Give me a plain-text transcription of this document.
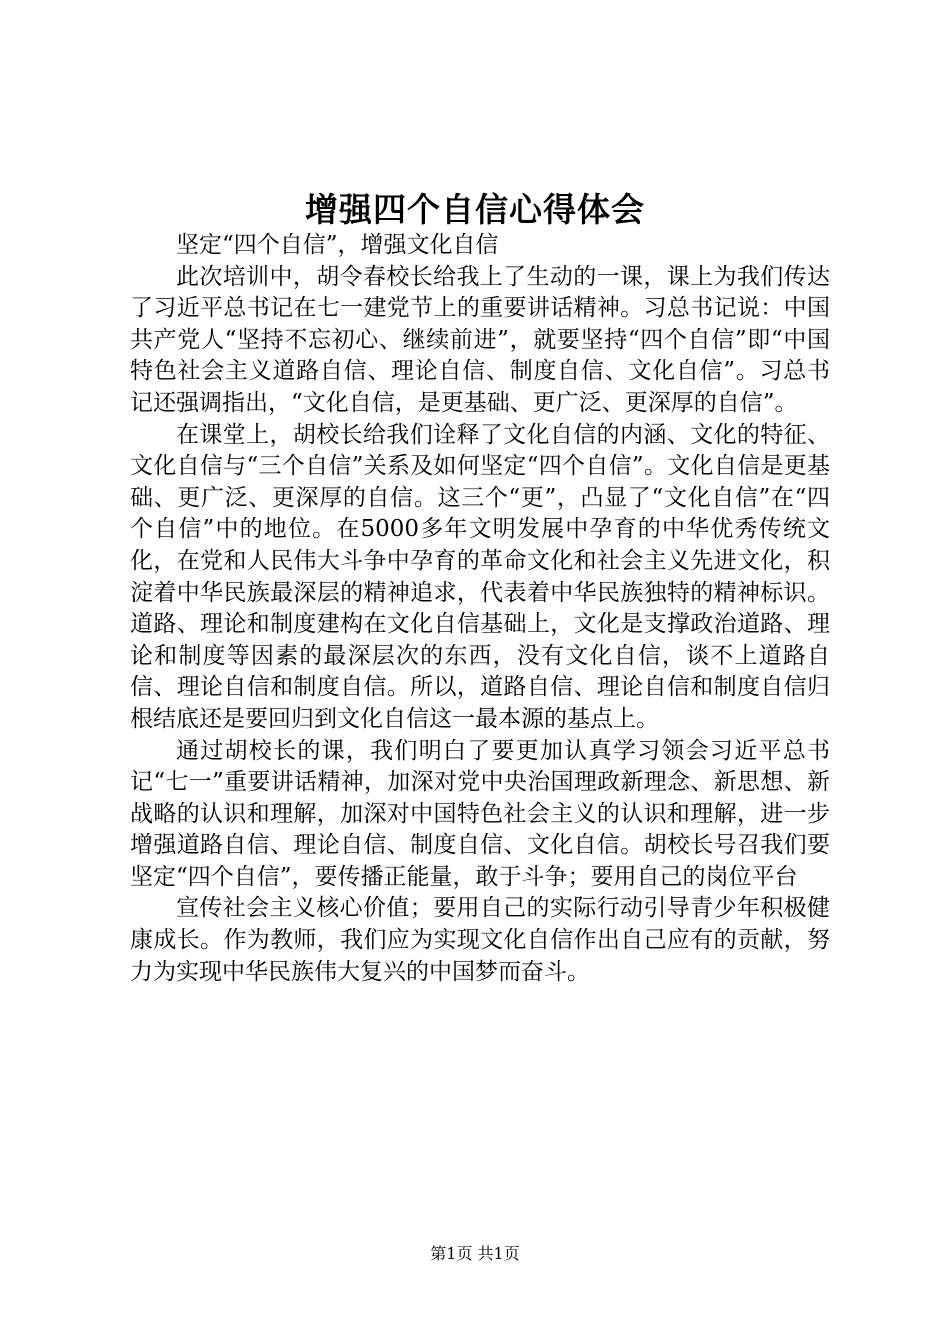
增强四个自信心得体会

坚定“四个自信”，增强文化自信

此次培训中，胡令春校长给我上了生动的一课，课上为我们传达了习近平总书记在七一建党节上的重要讲话精神。习总书记说：中国共产党人“坚持不忘初心、继续前进”，就要坚持“四个自信”即“中国特色社会主义道路自信、理论自信、制度自信、文化自信”。习总书记还强调指出，“文化自信，是更基础、更广泛、更深厚的自信”。

在课堂上，胡校长给我们诠释了文化自信的内涵、文化的特征、文化自信与“三个自信”关系及如何坚定“四个自信”。文化自信是更基础、更广泛、更深厚的自信。这三个“更”，凸显了“文化自信”在“四个自信”中的地位。在5000多年文明发展中孕育的中华优秀传统文化，在党和人民伟大斗争中孕育的革命文化和社会主义先进文化，积淀着中华民族最深层的精神追求，代表着中华民族独特的精神标识。道路、理论和制度建构在文化自信基础上，文化是支撑政治道路、理论和制度等因素的最深层次的东西，没有文化自信，谈不上道路自信、理论自信和制度自信。所以，道路自信、理论自信和制度自信归根结底还是要回归到文化自信这一最本源的基点上。

通过胡校长的课，我们明白了要更加认真学习领会习近平总书记“七一”重要讲话精神，加深对党中央治国理政新理念、新思想、新战略的认识和理解，加深对中国特色社会主义的认识和理解，进一步增强道路自信、理论自信、制度自信、文化自信。胡校长号召我们要坚定“四个自信”，要传播正能量，敢于斗争；要用自己的岗位平台

宣传社会主义核心价值；要用自己的实际行动引导青少年积极健康成长。作为教师，我们应为实现文化自信作出自己应有的贡献，努力为实现中华民族伟大复兴的中国梦而奋斗。

第1页 共1页
